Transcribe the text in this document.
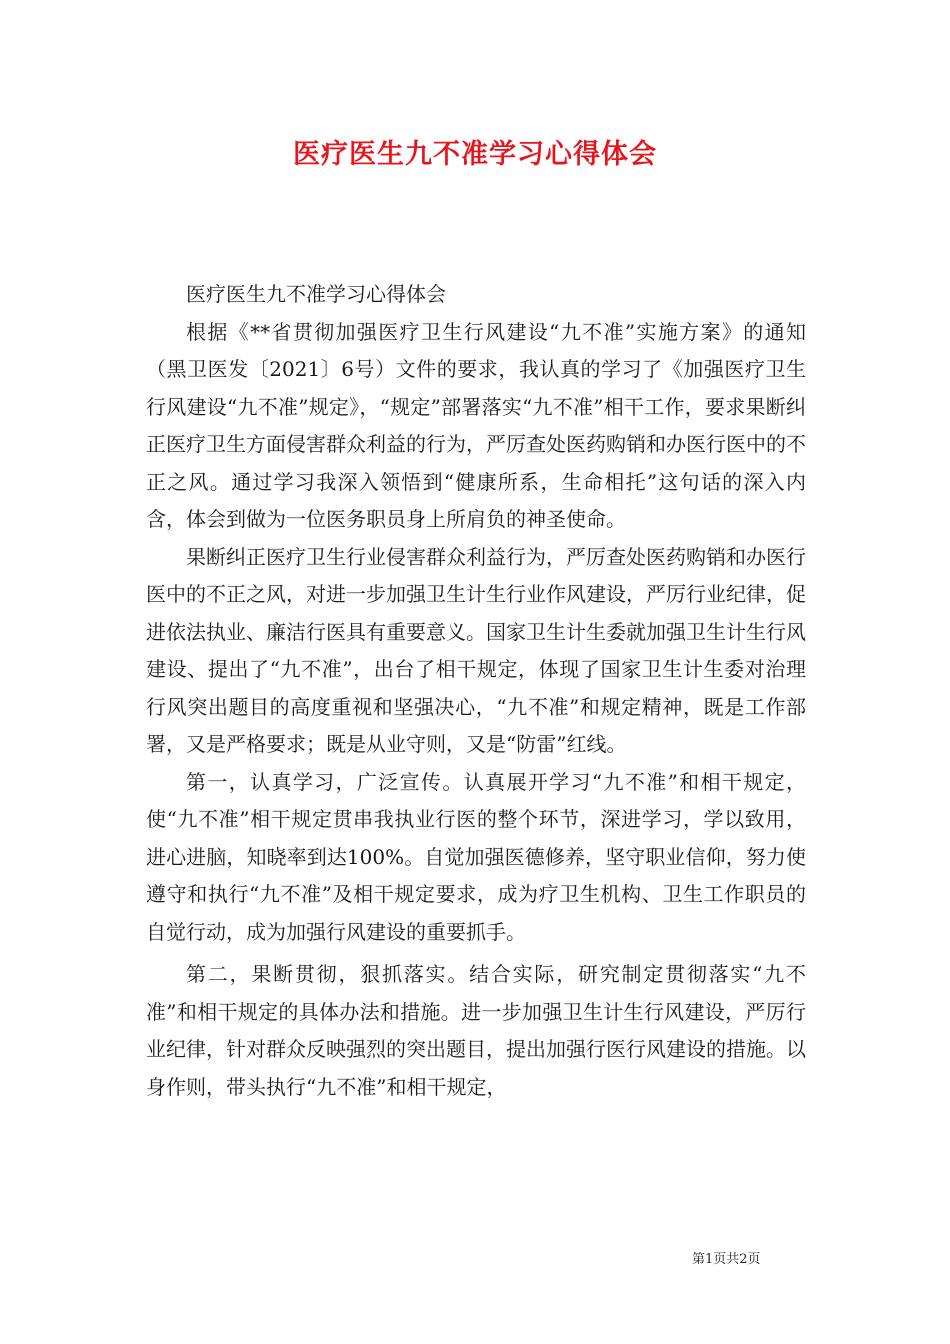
医疗医生九不准学习心得体会

医疗医生九不准学习心得体会

根据《**省贯彻加强医疗卫生行风建设“九不准”实施方案》的通知（黑卫医发〔2021〕6号）文件的要求，我认真的学习了《加强医疗卫生行风建设“九不准”规定》，“规定”部署落实“九不准”相干工作，要求果断纠正医疗卫生方面侵害群众利益的行为，严厉查处医药购销和办医行医中的不正之风。通过学习我深入领悟到“健康所系，生命相托”这句话的深入内含，体会到做为一位医务职员身上所肩负的神圣使命。

果断纠正医疗卫生行业侵害群众利益行为，严厉查处医药购销和办医行医中的不正之风，对进一步加强卫生计生行业作风建设，严厉行业纪律，促进依法执业、廉洁行医具有重要意义。国家卫生计生委就加强卫生计生行风建设、提出了“九不准”，出台了相干规定，体现了国家卫生计生委对治理行风突出题目的高度重视和坚强决心，“九不准”和规定精神，既是工作部署，又是严格要求；既是从业守则，又是“防雷”红线。

第一，认真学习，广泛宣传。认真展开学习“九不准”和相干规定，使“九不准”相干规定贯串我执业行医的整个环节，深进学习，学以致用，进心进脑，知晓率到达100%。自觉加强医德修养，坚守职业信仰，努力使遵守和执行“九不准”及相干规定要求，成为疗卫生机构、卫生工作职员的自觉行动，成为加强行风建设的重要抓手。

第二，果断贯彻，狠抓落实。结合实际，研究制定贯彻落实“九不准”和相干规定的具体办法和措施。进一步加强卫生计生行风建设，严厉行业纪律，针对群众反映强烈的突出题目，提出加强行医行风建设的措施。以身作则，带头执行“九不准”和相干规定，

第1页共2页
